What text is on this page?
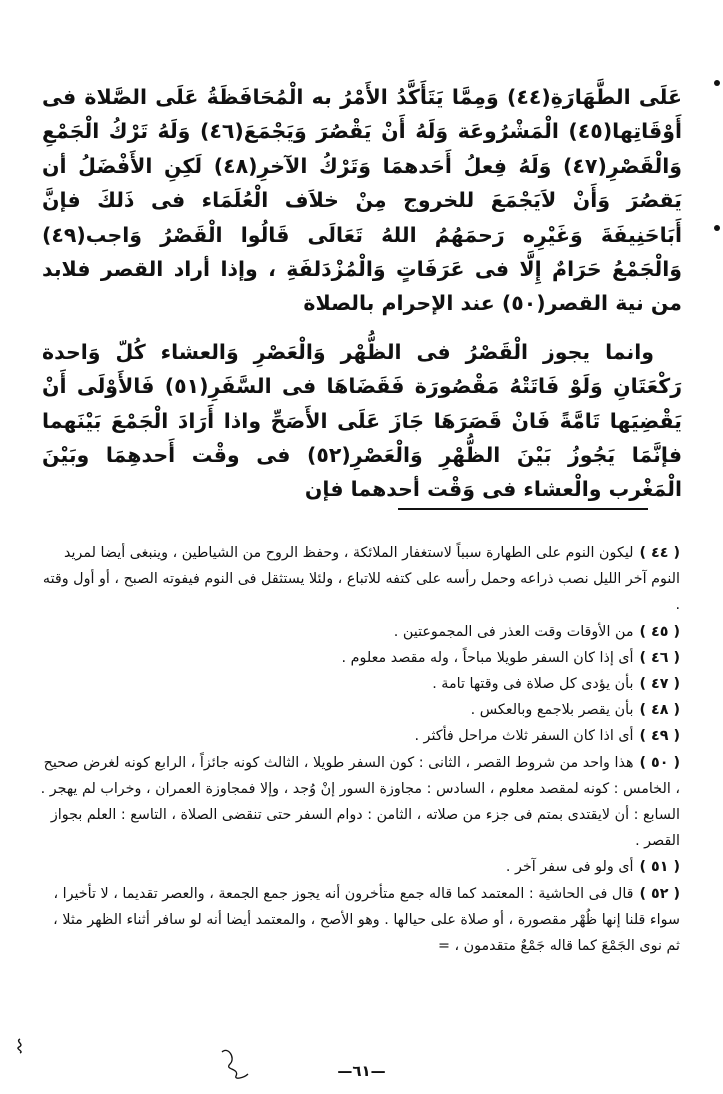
عَلَى الطَّهَارَةِ(٤٤) وَمِمَّا يَتَأَكَّدُ الأَمْرُ به الْمُحَافَظَةُ عَلَى الصَّلاة فى أَوْقَاتِها(٤٥) الْمَشْرُوعَة وَلَهُ أَنْ يَقْصُرَ وَيَجْمَعَ(٤٦) وَلَهُ تَرْكُ الْجَمْعِ وَالْقَصْرِ(٤٧) وَلَهُ فِعلُ أَحَدهمَا وَتَرْكُ الآخرِ(٤٨) لَكِنِ الأَفْضَلُ أن يَقصُرَ وَأَنْ لاَيَجْمَعَ للخروج مِنْ خلاَف الْعُلَمَاء فى ذَلكَ فإنَّ أَبَاحَنِيفَةَ وَغَيْرِه رَحمَهُمُ اللهُ تَعَالَى قَالُوا الْقَصْرُ وَاجب(٤٩) وَالْجَمْعُ حَرَامٌ إِلَّا فى عَرَفَاتٍ وَالْمُزْدَلفَةِ ، وإذا أراد القصر فلابد من نية القصر(٥٠) عند الإحرام بالصلاة

وانما يجوز الْقَصْرُ فى الظُّهْر وَالْعَصْرِ وَالعشاء كُلّ وَاحدة رَكْعَتَانِ وَلَوْ فَاتَتْهُ مَقْصُورَة فَقَضَاهَا فى السَّفَرِ(٥١) فَالأَوْلَى أَنْ يَقْضِيَها تَامَّةً فَانْ قَصَرَهَا جَازَ عَلَى الأَصَحِّ واذا أَرَادَ الْجَمْعَ بَيْنَهما فإنَّمَا يَجُوزُ بَيْنَ الظُّهْرِ وَالْعَصْرِ(٥٢) فى وقْت أَحدهِمَا وبَيْنَ الْمَغْرب والْعشاء فى وَقْت أحدهما فإن

( ٤٤ )ليكون النوم على الطهارة سبباً لاستغفار الملائكة ، وحفظ الروح من الشياطين ، وينبغى أيضا لمريد النوم آخر الليل نصب ذراعه وحمل رأسه على كتفه للاتباع ، ولئلا يستثقل فى النوم فيفوته الصبح ، أو أول وقته .

( ٤٥ )من الأوقات وقت العذر فى المجموعتين .

( ٤٦ )أى إذا كان السفر طويلا مباحاً ، وله مقصد معلوم .

( ٤٧ )بأن يؤدى كل صلاة فى وقتها تامة .

( ٤٨ )بأن يقصر بلاجمع وبالعكس .

( ٤٩ )أى اذا كان السفر ثلاث مراحل فأكثر .

( ٥٠ )هذا واحد من شروط القصر ، الثانى : كون السفر طويلا ، الثالث كونه جائزاً ، الرابع كونه لغرض صحيح ، الخامس : كونه لمقصد معلوم ، السادس : مجاوزة السور إنْ وُجد ، وإلا فمجاوزة العمران ، وخراب لم يهجر . السابع : أن لايقتدى بمتم فى جزء من صلاته ، الثامن : دوام السفر حتى تنقضى الصلاة ، التاسع : العلم بجواز القصر .

( ٥١ )أى ولو فى سفر آخر .

( ٥٢ )قال فى الحاشية : المعتمد كما قاله جمع متأخرون أنه يجوز جمع الجمعة ، والعصر تقديما ، لا تأخيرا ، سواء قلنا إنها ظُهْر مقصورة ، أو صلاة على حيالها . وهو الأصح ، والمعتمد أيضا أنه لو سافر أثناء الظهر مثلا ، ثم نوى الجَمْعَ كما قاله جَمْعٌ متقدمون ، =

—٦١—
